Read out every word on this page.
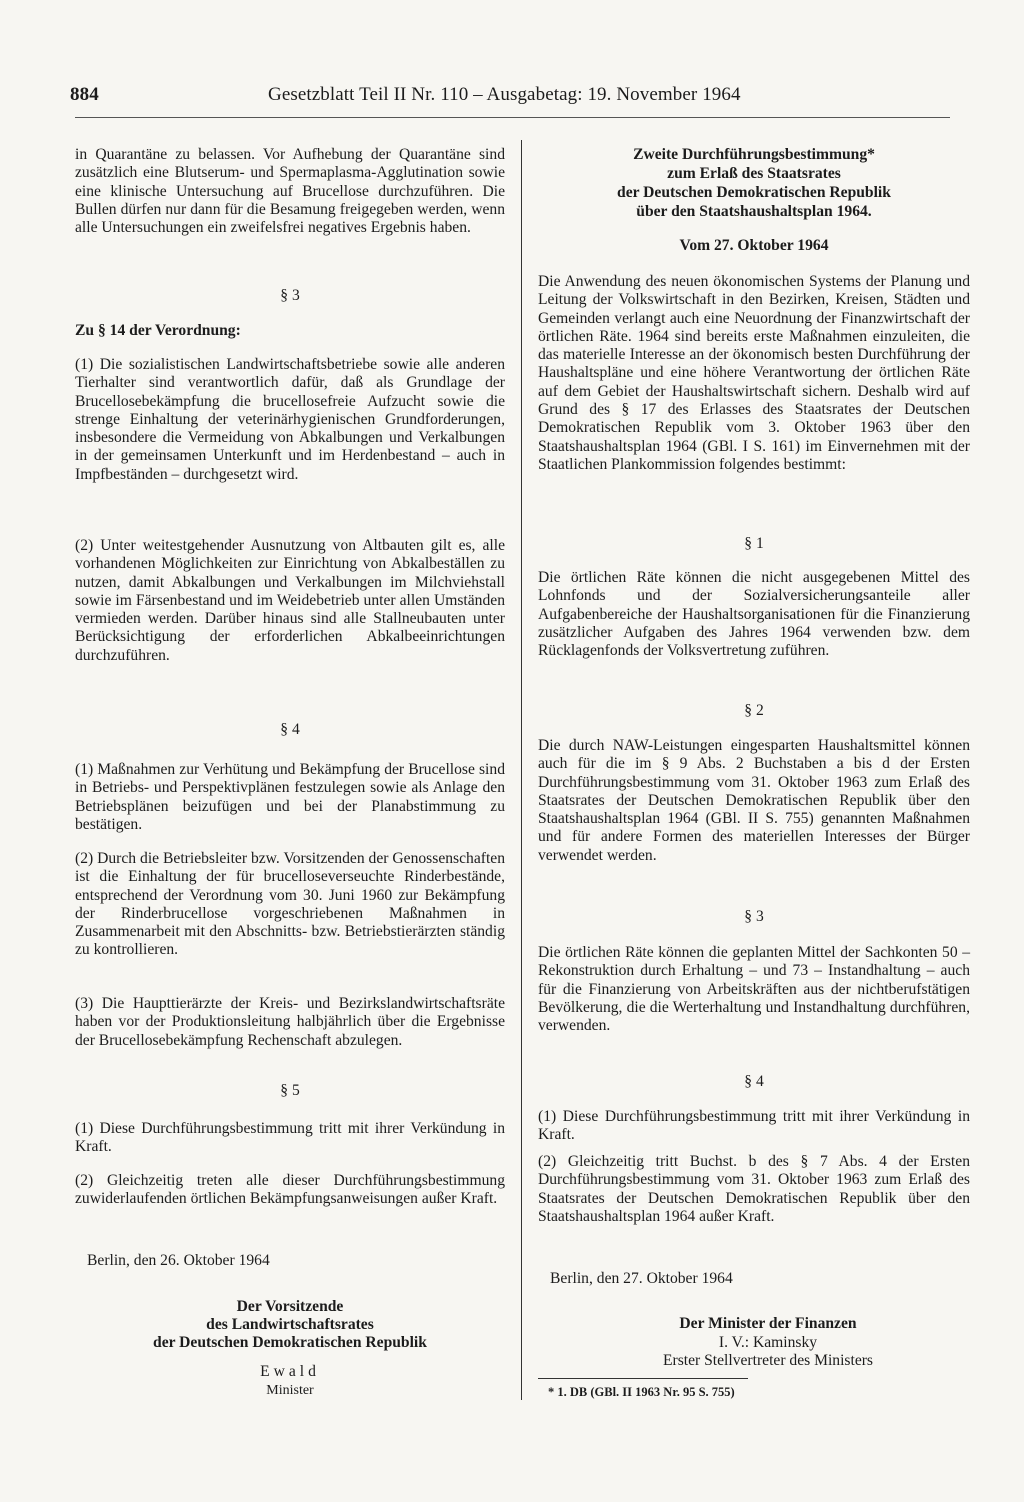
884	Gesetzblatt Teil II Nr. 110 – Ausgabetag: 19. November 1964

in Quarantäne zu belassen. Vor Aufhebung der Quarantäne sind zusätzlich eine Blutserum- und Spermaplasma-Agglutination sowie eine klinische Untersuchung auf Brucellose durchzuführen. Die Bullen dürfen nur dann für die Besamung freigegeben werden, wenn alle Untersuchungen ein zweifelsfrei negatives Ergebnis haben.

§ 3

Zu § 14 der Verordnung:

(1) Die sozialistischen Landwirtschaftsbetriebe sowie alle anderen Tierhalter sind verantwortlich dafür, daß als Grundlage der Brucellosebekämpfung die brucellosefreie Aufzucht sowie die strenge Einhaltung der veterinärhygienischen Grundforderungen, insbesondere die Vermeidung von Abkalbungen und Verkalbungen in der gemeinsamen Unterkunft und im Herdenbestand – auch in Impfbeständen – durchgesetzt wird.

(2) Unter weitestgehender Ausnutzung von Altbauten gilt es, alle vorhandenen Möglichkeiten zur Einrichtung von Abkalbeställen zu nutzen, damit Abkalbungen und Verkalbungen im Milchviehstall sowie im Färsenbestand und im Weidebetrieb unter allen Umständen vermieden werden. Darüber hinaus sind alle Stallneubauten unter Berücksichtigung der erforderlichen Abkalbeeinrichtungen durchzuführen.

§ 4

(1) Maßnahmen zur Verhütung und Bekämpfung der Brucellose sind in Betriebs- und Perspektivplänen festzulegen sowie als Anlage den Betriebsplänen beizufügen und bei der Planabstimmung zu bestätigen.

(2) Durch die Betriebsleiter bzw. Vorsitzenden der Genossenschaften ist die Einhaltung der für brucelloseverseuchte Rinderbestände, entsprechend der Verordnung vom 30. Juni 1960 zur Bekämpfung der Rinderbrucellose vorgeschriebenen Maßnahmen in Zusammenarbeit mit den Abschnitts- bzw. Betriebstierärzten ständig zu kontrollieren.

(3) Die Haupttierärzte der Kreis- und Bezirkslandwirtschaftsräte haben vor der Produktionsleitung halbjährlich über die Ergebnisse der Brucellosebekämpfung Rechenschaft abzulegen.

§ 5

(1) Diese Durchführungsbestimmung tritt mit ihrer Verkündung in Kraft.

(2) Gleichzeitig treten alle dieser Durchführungsbestimmung zuwiderlaufenden örtlichen Bekämpfungsanweisungen außer Kraft.

Berlin, den 26. Oktober 1964

Der Vorsitzende

des Landwirtschaftsrates

der Deutschen Demokratischen Republik

Ewald

Minister

Zweite Durchführungsbestimmung*

zum Erlaß des Staatsrates

der Deutschen Demokratischen Republik

über den Staatshaushaltsplan 1964.

Vom 27. Oktober 1964

Die Anwendung des neuen ökonomischen Systems der Planung und Leitung der Volkswirtschaft in den Bezirken, Kreisen, Städten und Gemeinden verlangt auch eine Neuordnung der Finanzwirtschaft der örtlichen Räte. 1964 sind bereits erste Maßnahmen einzuleiten, die das materielle Interesse an der ökonomisch besten Durchführung der Haushaltspläne und eine höhere Verantwortung der örtlichen Räte auf dem Gebiet der Haushaltswirtschaft sichern. Deshalb wird auf Grund des § 17 des Erlasses des Staatsrates der Deutschen Demokratischen Republik vom 3. Oktober 1963 über den Staatshaushaltsplan 1964 (GBl. I S. 161) im Einvernehmen mit der Staatlichen Plankommission folgendes bestimmt:

§ 1

Die örtlichen Räte können die nicht ausgegebenen Mittel des Lohnfonds und der Sozialversicherungsanteile aller Aufgabenbereiche der Haushaltsorganisationen für die Finanzierung zusätzlicher Aufgaben des Jahres 1964 verwenden bzw. dem Rücklagenfonds der Volksvertretung zuführen.

§ 2

Die durch NAW-Leistungen eingesparten Haushaltsmittel können auch für die im § 9 Abs. 2 Buchstaben a bis d der Ersten Durchführungsbestimmung vom 31. Oktober 1963 zum Erlaß des Staatsrates der Deutschen Demokratischen Republik über den Staatshaushaltsplan 1964 (GBl. II S. 755) genannten Maßnahmen und für andere Formen des materiellen Interesses der Bürger verwendet werden.

§ 3

Die örtlichen Räte können die geplanten Mittel der Sachkonten 50 – Rekonstruktion durch Erhaltung – und 73 – Instandhaltung – auch für die Finanzierung von Arbeitskräften aus der nichtberufstätigen Bevölkerung, die die Werterhaltung und Instandhaltung durchführen, verwenden.

§ 4

(1) Diese Durchführungsbestimmung tritt mit ihrer Verkündung in Kraft.

(2) Gleichzeitig tritt Buchst. b des § 7 Abs. 4 der Ersten Durchführungsbestimmung vom 31. Oktober 1963 zum Erlaß des Staatsrates der Deutschen Demokratischen Republik über den Staatshaushaltsplan 1964 außer Kraft.

Berlin, den 27. Oktober 1964

Der Minister der Finanzen

I. V.: Kaminsky

Erster Stellvertreter des Ministers

* 1. DB (GBl. II 1963 Nr. 95 S. 755)
